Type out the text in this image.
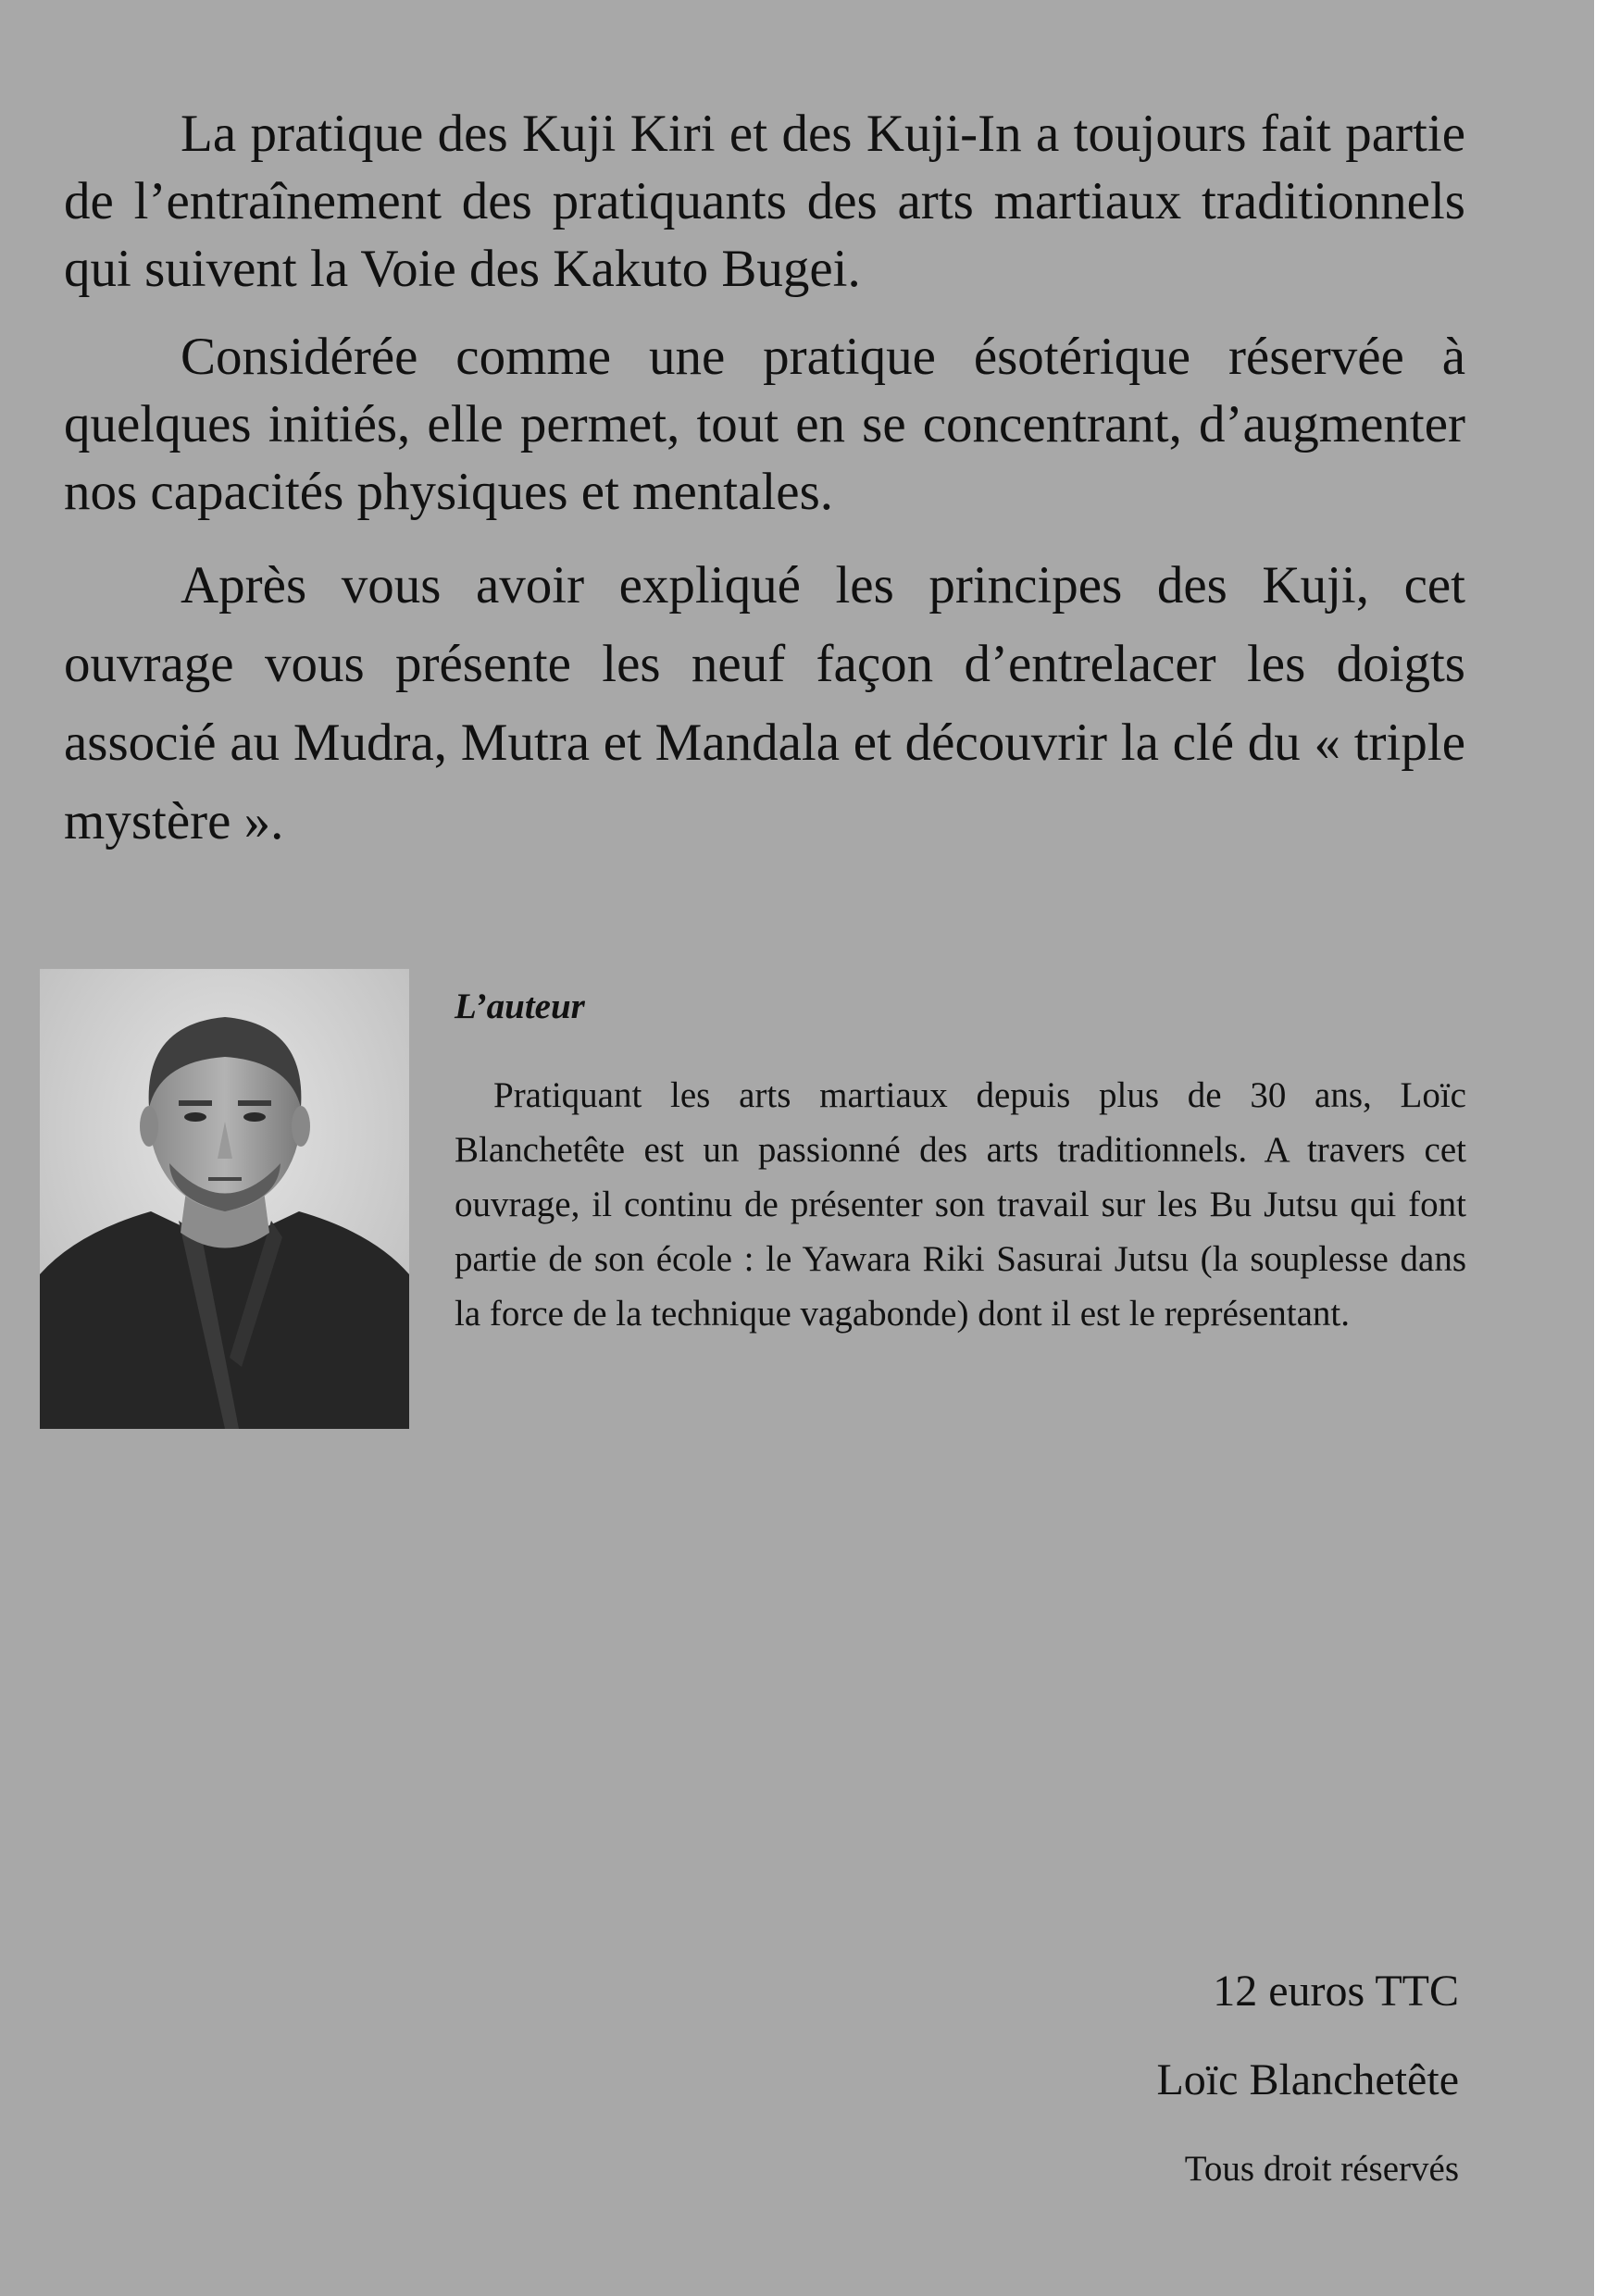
La pratique des Kuji Kiri et des Kuji-In a toujours fait partie de l’entraînement des pratiquants des arts martiaux traditionnels qui suivent la Voie des Kakuto Bugei.

Considérée comme une pratique ésotérique réservée à quelques initiés, elle permet, tout en se concentrant, d’augmenter nos capacités physiques et mentales.

Après vous avoir expliqué les principes des Kuji, cet ouvrage vous présente les neuf façon d’entrelacer les doigts associé au Mudra, Mutra et Mandala et découvrir la clé du « triple mystère ».

L’auteur

Pratiquant les arts martiaux depuis plus de 30 ans, Loïc Blanchetête est un passionné des arts traditionnels. A travers cet ouvrage, il continu de présenter son travail sur les Bu Jutsu qui font partie de son école : le Yawara Riki Sasurai Jutsu (la souplesse dans la force de la technique vagabonde) dont il est le représentant.

12 euros TTC
Loïc Blanchetête
Tous droit réservés
